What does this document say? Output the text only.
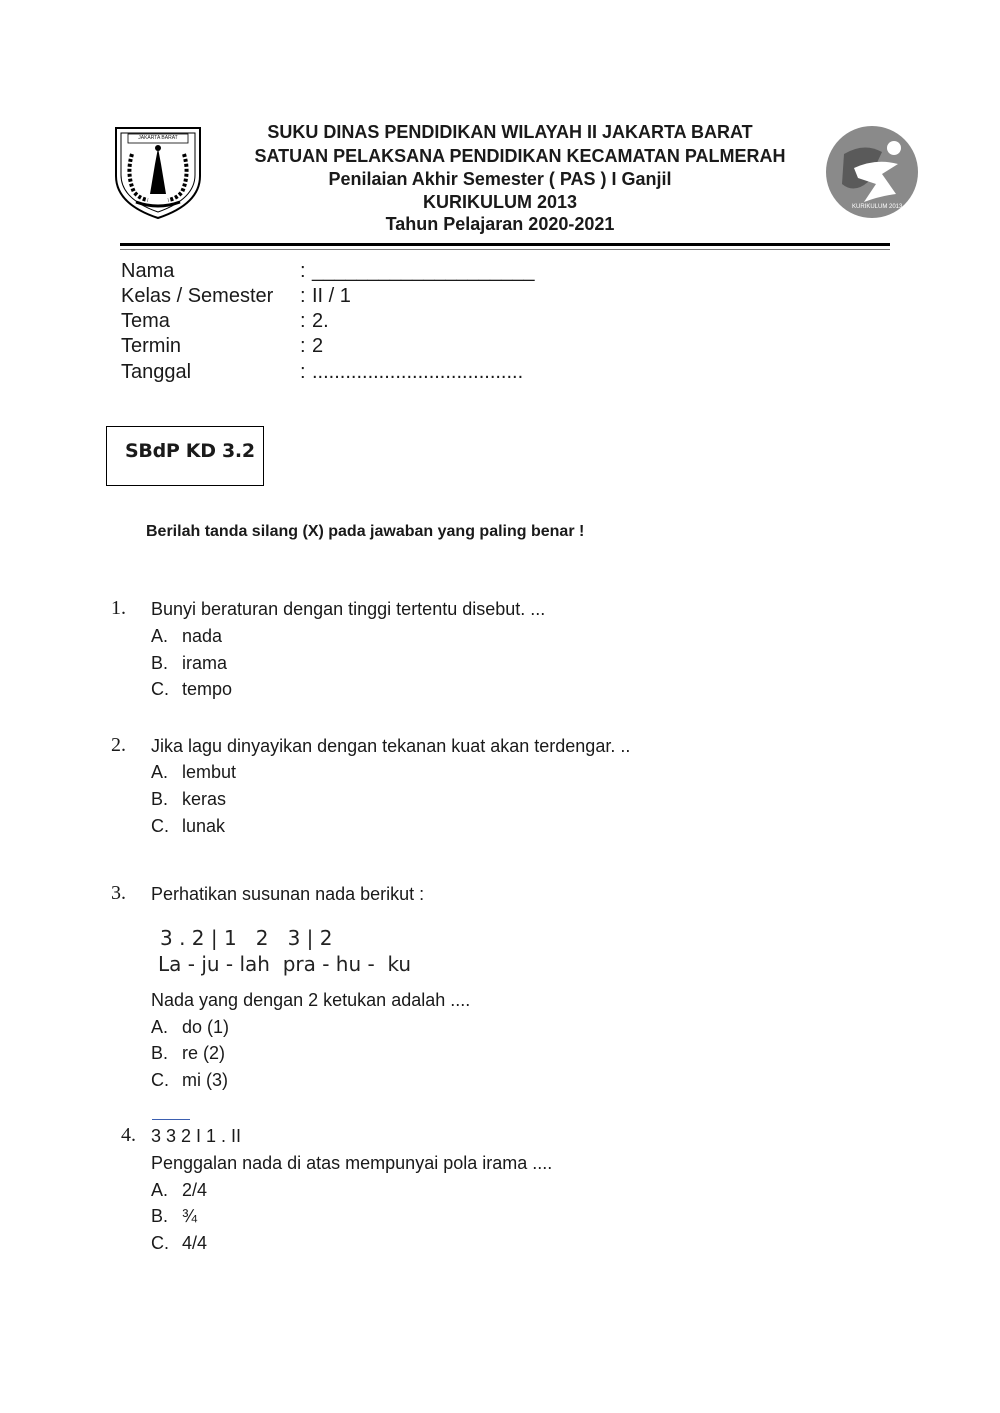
JAKARTA BARAT
KURIKULUM 2013
SUKU DINAS PENDIDIKAN WILAYAH II JAKARTA BARAT
SATUAN PELAKSANA PENDIDIKAN KECAMATAN PALMERAH
Penilaian Akhir Semester ( PAS ) I Ganjil
KURIKULUM 2013
Tahun Pelajaran 2020-2021
Nama	: ____________________
Kelas / Semester : II / 1
Tema	: 2.
Termin	: 2
Tanggal	: ......................................
SBdP KD 3.2
Berilah tanda silang (X) pada jawaban yang paling benar !
1. Bunyi beraturan dengan tinggi tertentu disebut. ...
A. nada
B. irama
C. tempo
2. Jika lagu dinyayikan dengan tekanan kuat akan terdengar. ..
A. lembut
B. keras
C. lunak
3. Perhatikan susunan nada berikut :
3 . 2 | 1   2   3 | 2
La - ju - lah  pra - hu -  ku
Nada yang dengan 2 ketukan adalah ....
A. do (1)
B. re (2)
C. mi (3)
4. 3 3 2 I 1 . II
Penggalan nada di atas mempunyai pola irama ....
A. 2/4
B. ¾
C. 4/4
